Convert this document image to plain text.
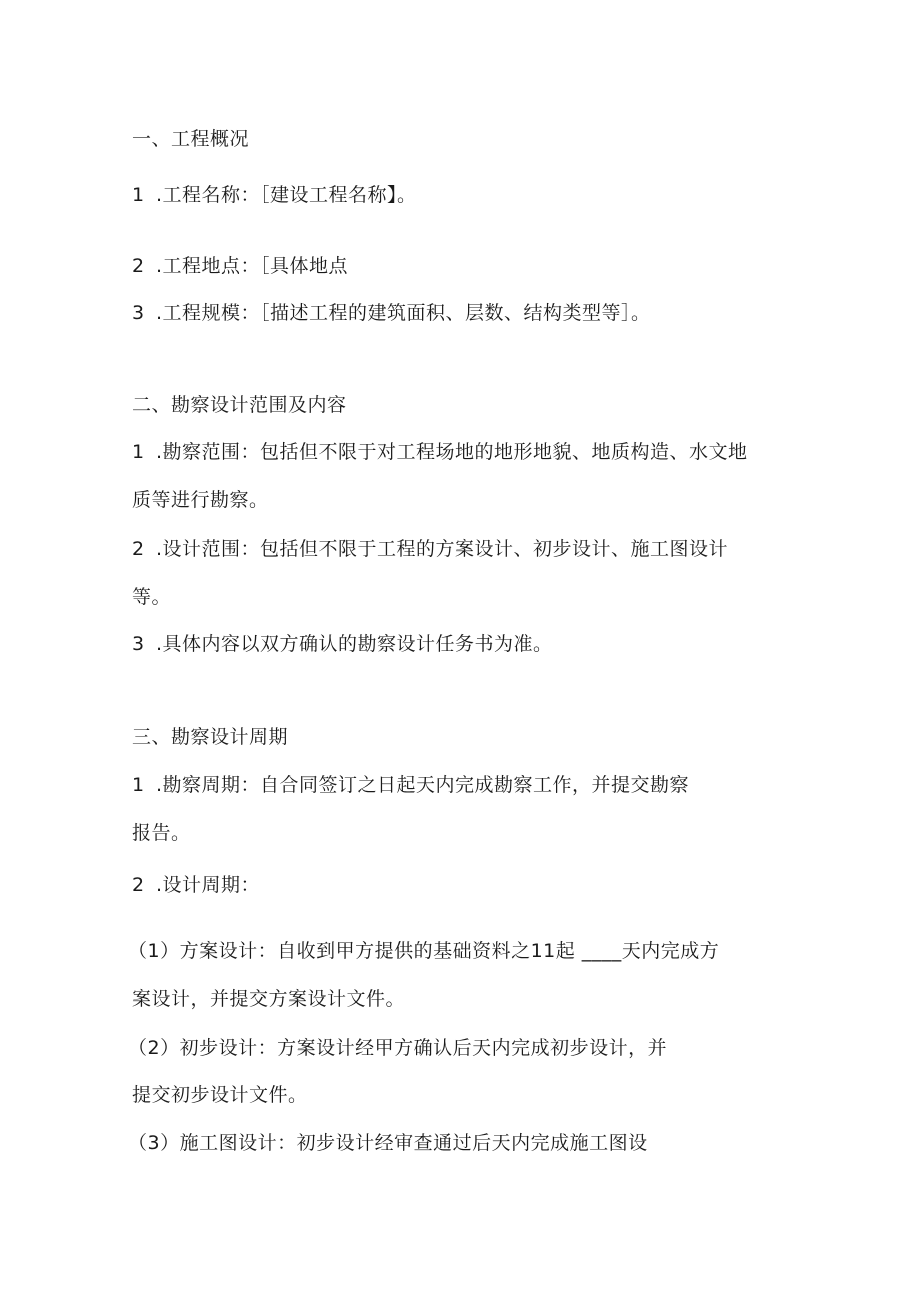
一、工程概况
1 .工程名称：［建设工程名称】。
2 .工程地点：［具体地点
3 .工程规模：［描述工程的建筑面积、层数、结构类型等］。
二、勘察设计范围及内容
1 .勘察范围：包括但不限于对工程场地的地形地貌、地质构造、水文地
质等进行勘察。
2 .设计范围：包括但不限于工程的方案设计、初步设计、施工图设计
等。
3 .具体内容以双方确认的勘察设计任务书为准。
三、勘察设计周期
1 .勘察周期：自合同签订之日起天内完成勘察工作，并提交勘察
报告。
2 .设计周期：
（1）方案设计：自收到甲方提供的基础资料之11起 ____天内完成方
案设计，并提交方案设计文件。
（2）初步设计：方案设计经甲方确认后天内完成初步设计，并
提交初步设计文件。
（3）施工图设计：初步设计经审查通过后天内完成施工图设
